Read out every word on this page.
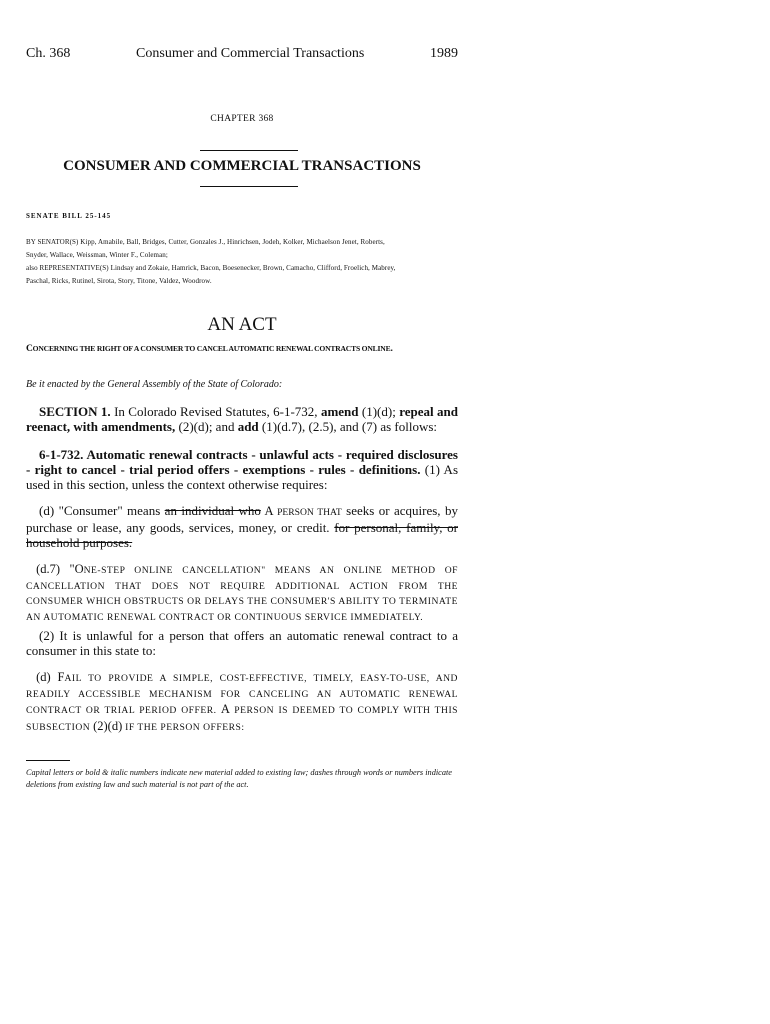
Ch. 368	Consumer and Commercial Transactions	1989
CHAPTER 368
CONSUMER AND COMMERCIAL TRANSACTIONS
SENATE BILL 25-145
BY SENATOR(S) Kipp, Amabile, Ball, Bridges, Cutter, Gonzales J., Hinrichsen, Jodeh, Kolker, Michaelson Jenet, Roberts,
Snyder, Wallace, Weissman, Winter F., Coleman;
also REPRESENTATIVE(S) Lindsay and Zokaie, Hamrick, Bacon, Boesenecker, Brown, Camacho, Clifford, Froelich, Mabrey,
Paschal, Ricks, Rutinel, Sirota, Story, Titone, Valdez, Woodrow.
AN ACT
CONCERNING THE RIGHT OF A CONSUMER TO CANCEL AUTOMATIC RENEWAL CONTRACTS ONLINE.
Be it enacted by the General Assembly of the State of Colorado:
 SECTION 1. In Colorado Revised Statutes, 6-1-732, amend (1)(d); repeal and reenact, with amendments, (2)(d); and add (1)(d.7), (2.5), and (7) as follows:
 6-1-732. Automatic renewal contracts - unlawful acts - required disclosures - right to cancel - trial period offers - exemptions - rules - definitions. (1) As used in this section, unless the context otherwise requires:
 (d) "Consumer" means an individual who A PERSON THAT seeks or acquires, by purchase or lease, any goods, services, money, or credit. for personal, family, or household purposes.
 (d.7) "ONE-STEP ONLINE CANCELLATION" MEANS AN ONLINE METHOD OF CANCELLATION THAT DOES NOT REQUIRE ADDITIONAL ACTION FROM THE CONSUMER WHICH OBSTRUCTS OR DELAYS THE CONSUMER'S ABILITY TO TERMINATE AN AUTOMATIC RENEWAL CONTRACT OR CONTINUOUS SERVICE IMMEDIATELY.
 (2) It is unlawful for a person that offers an automatic renewal contract to a consumer in this state to:
 (d) FAIL TO PROVIDE A SIMPLE, COST-EFFECTIVE, TIMELY, EASY-TO-USE, AND READILY ACCESSIBLE MECHANISM FOR CANCELING AN AUTOMATIC RENEWAL CONTRACT OR TRIAL PERIOD OFFER. A PERSON IS DEEMED TO COMPLY WITH THIS SUBSECTION (2)(d) IF THE PERSON OFFERS:
Capital letters or bold & italic numbers indicate new material added to existing law; dashes through words or numbers indicate deletions from existing law and such material is not part of the act.
